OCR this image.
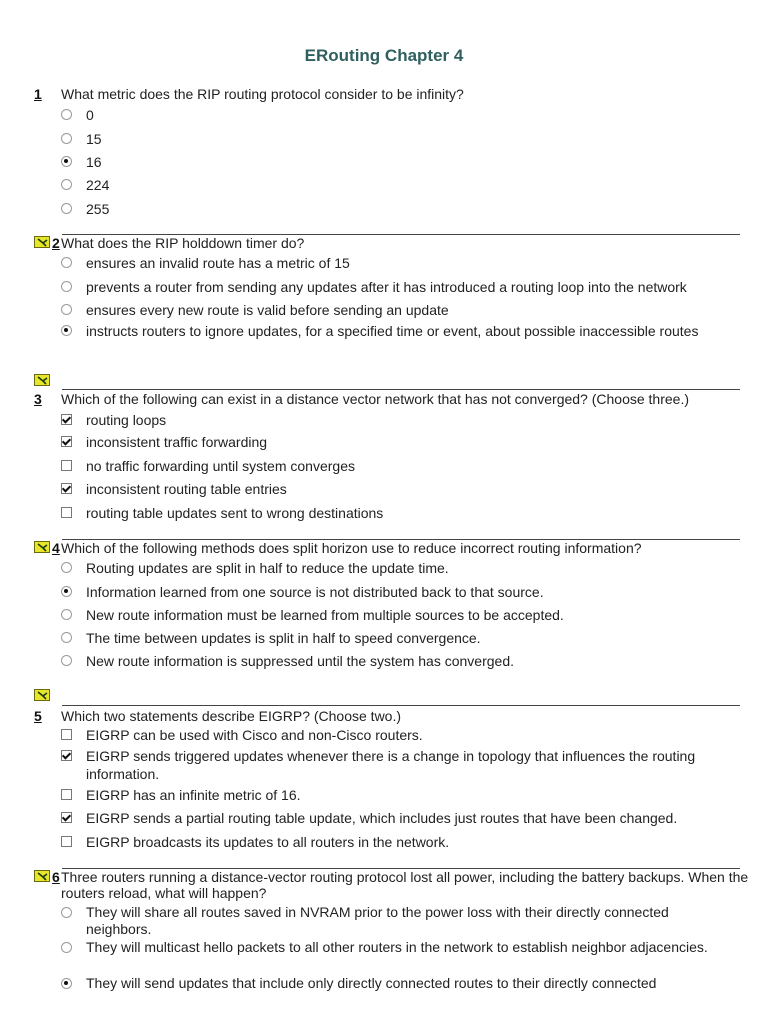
ERouting Chapter 4
1 What metric does the RIP routing protocol consider to be infinity?
0
15
16
224
255
2 What does the RIP holddown timer do?
ensures an invalid route has a metric of 15
prevents a router from sending any updates after it has introduced a routing loop into the network
ensures every new route is valid before sending an update
instructs routers to ignore updates, for a specified time or event, about possible inaccessible routes
3 Which of the following can exist in a distance vector network that has not converged? (Choose three.)
routing loops
inconsistent traffic forwarding
no traffic forwarding until system converges
inconsistent routing table entries
routing table updates sent to wrong destinations
4 Which of the following methods does split horizon use to reduce incorrect routing information?
Routing updates are split in half to reduce the update time.
Information learned from one source is not distributed back to that source.
New route information must be learned from multiple sources to be accepted.
The time between updates is split in half to speed convergence.
New route information is suppressed until the system has converged.
5 Which two statements describe EIGRP? (Choose two.)
EIGRP can be used with Cisco and non-Cisco routers.
EIGRP sends triggered updates whenever there is a change in topology that influences the routing information.
EIGRP has an infinite metric of 16.
EIGRP sends a partial routing table update, which includes just routes that have been changed.
EIGRP broadcasts its updates to all routers in the network.
6 Three routers running a distance-vector routing protocol lost all power, including the battery backups. When the routers reload, what will happen?
They will share all routes saved in NVRAM prior to the power loss with their directly connected neighbors.
They will multicast hello packets to all other routers in the network to establish neighbor adjacencies.
They will send updates that include only directly connected routes to their directly connected
